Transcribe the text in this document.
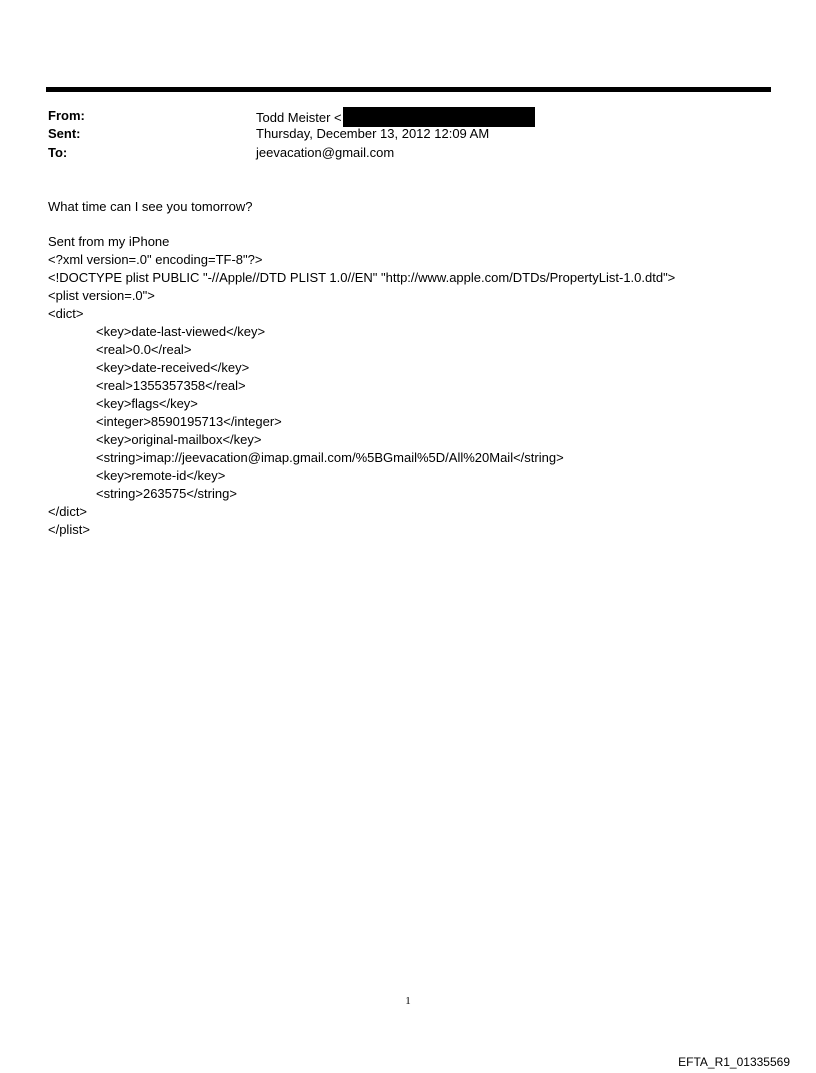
From:	Todd Meister <
Sent:	Thursday, December 13, 2012 12:09 AM
To:	jeevacation@gmail.com
What time can I see you tomorrow?
Sent from my iPhone
<?xml version=.0" encoding=TF-8"?>
<!DOCTYPE plist PUBLIC "-//Apple//DTD PLIST 1.0//EN" "http://www.apple.com/DTDs/PropertyList-1.0.dtd">
<plist version=.0">
<dict>
<key>date-last-viewed</key>
<real>0.0</real>
<key>date-received</key>
<real>1355357358</real>
<key>flags</key>
<integer>8590195713</integer>
<key>original-mailbox</key>
<string>imap://jeevacation@imap.gmail.com/%5BGmail%5D/All%20Mail</string>
<key>remote-id</key>
<string>263575</string>
</dict>
</plist>
1
EFTA_R1_01335569
